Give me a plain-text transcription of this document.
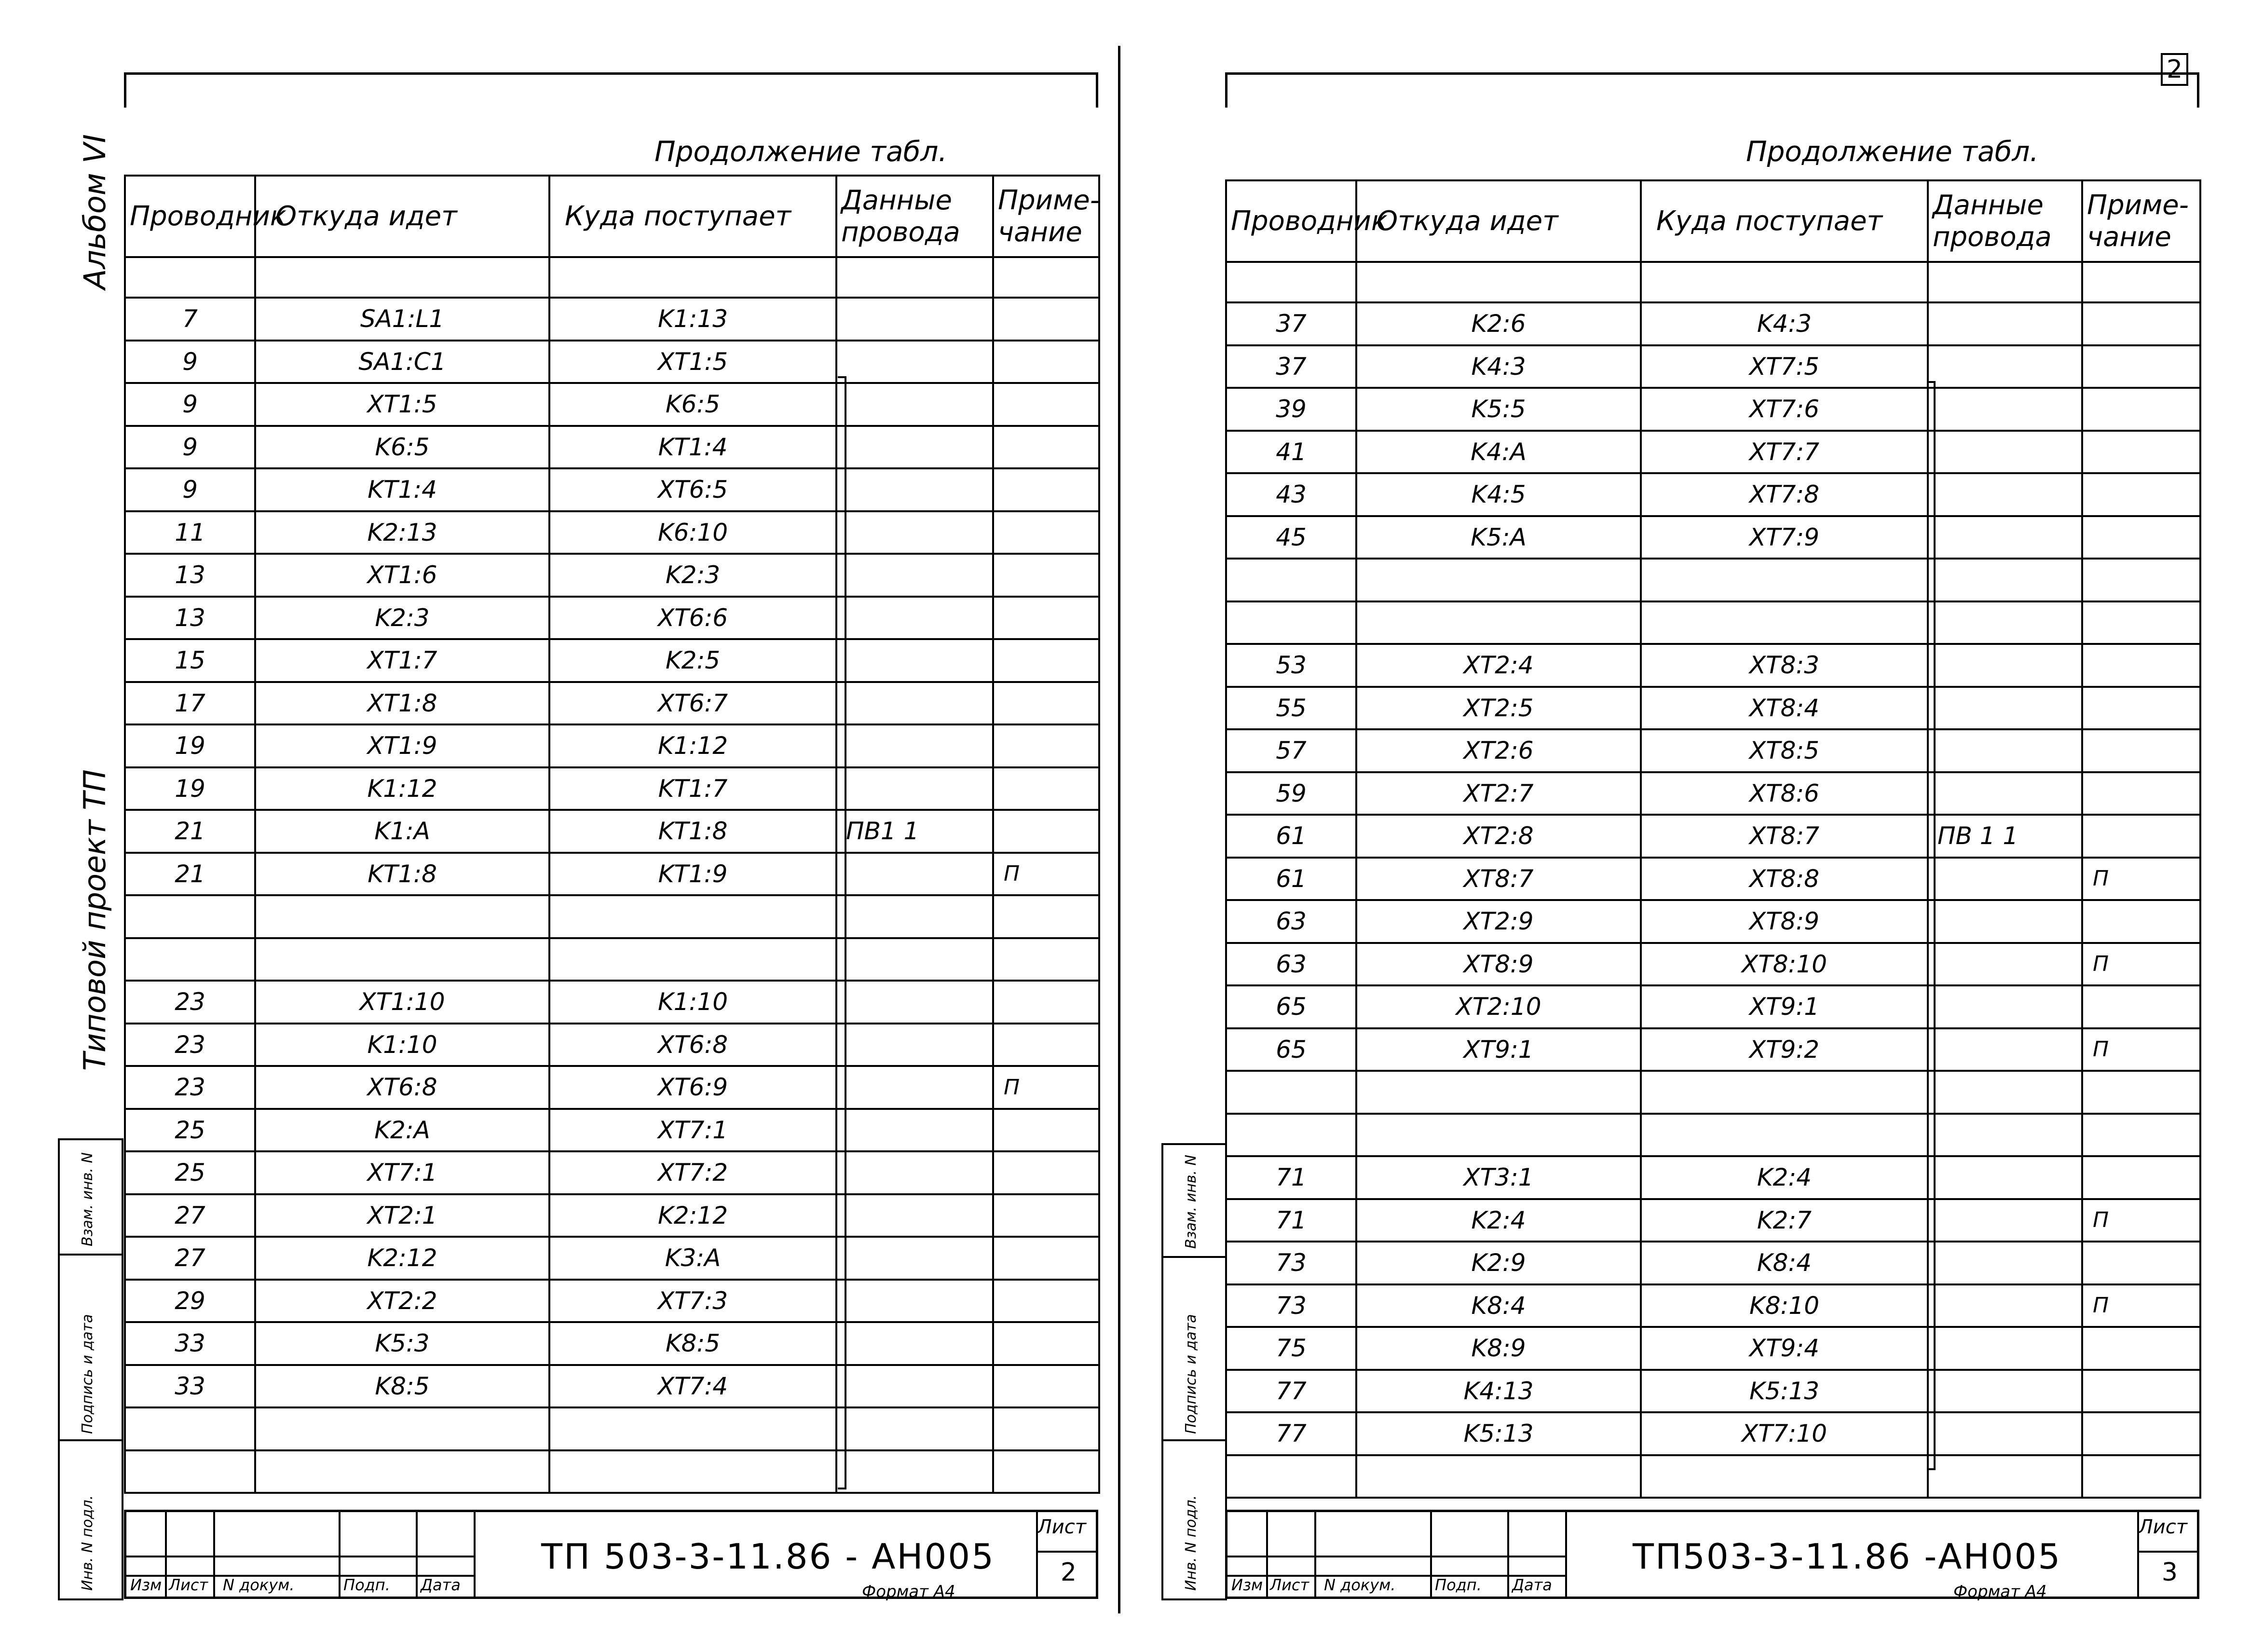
Альбом VI
Типовой проект ТП
Взам. инв. N
Подпись и дата
Инв. N подл.
Взам. инв. N
Подпись и дата
Инв. N подл.
2
Продолжение табл.
Проводник	Откуда идет	Куда поступает	Данные провода	Приме- чание

7	SA1:L1	K1:13		
9	SA1:C1	XT1:5		
9	XT1:5	K6:5		
9	K6:5	KT1:4		
9	KT1:4	XT6:5		
11	K2:13	K6:10		
13	XT1:6	K2:3		
13	K2:3	XT6:6		
15	XT1:7	K2:5		
17	XT1:8	XT6:7		
19	XT1:9	K1:12		
19	K1:12	KT1:7		
21	K1:A	KT1:8	ПВ1 1	
21	KT1:8	KT1:9		П

23	XT1:10	K1:10		
23	K1:10	XT6:8		
23	XT6:8	XT6:9		П
25	K2:A	XT7:1		
25	XT7:1	XT7:2		
27	XT2:1	K2:12		
27	K2:12	K3:A		
29	XT2:2	XT7:3		
33	K5:3	K8:5		
33	K8:5	XT7:4		

Изм Лист N докум.	Подп. Дата
ТП 503-3-11.86 - АН005
Лист
2
Формат А4
Продолжение табл.
Проводник	Откуда идет	Куда поступает	Данные провода	Приме- чание

37	K2:6	K4:3		
37	K4:3	XT7:5		
39	K5:5	XT7:6		
41	K4:A	XT7:7		
43	K4:5	XT7:8		
45	K5:A	XT7:9		

53	XT2:4	XT8:3		
55	XT2:5	XT8:4		
57	XT2:6	XT8:5		
59	XT2:7	XT8:6		
61	XT2:8	XT8:7	ПВ 1 1	
61	XT8:7	XT8:8		П
63	XT2:9	XT8:9		
63	XT8:9	XT8:10		П
65	XT2:10	XT9:1		
65	XT9:1	XT9:2		П

71	XT3:1	K2:4		
71	K2:4	K2:7		П
73	K2:9	K8:4		
73	K8:4	K8:10		П
75	K8:9	XT9:4		
77	K4:13	K5:13		
77	K5:13	XT7:10		

Изм Лист N докум.	Подп. Дата
ТП503-3-11.86 -АН005
Лист
3
Формат А4
